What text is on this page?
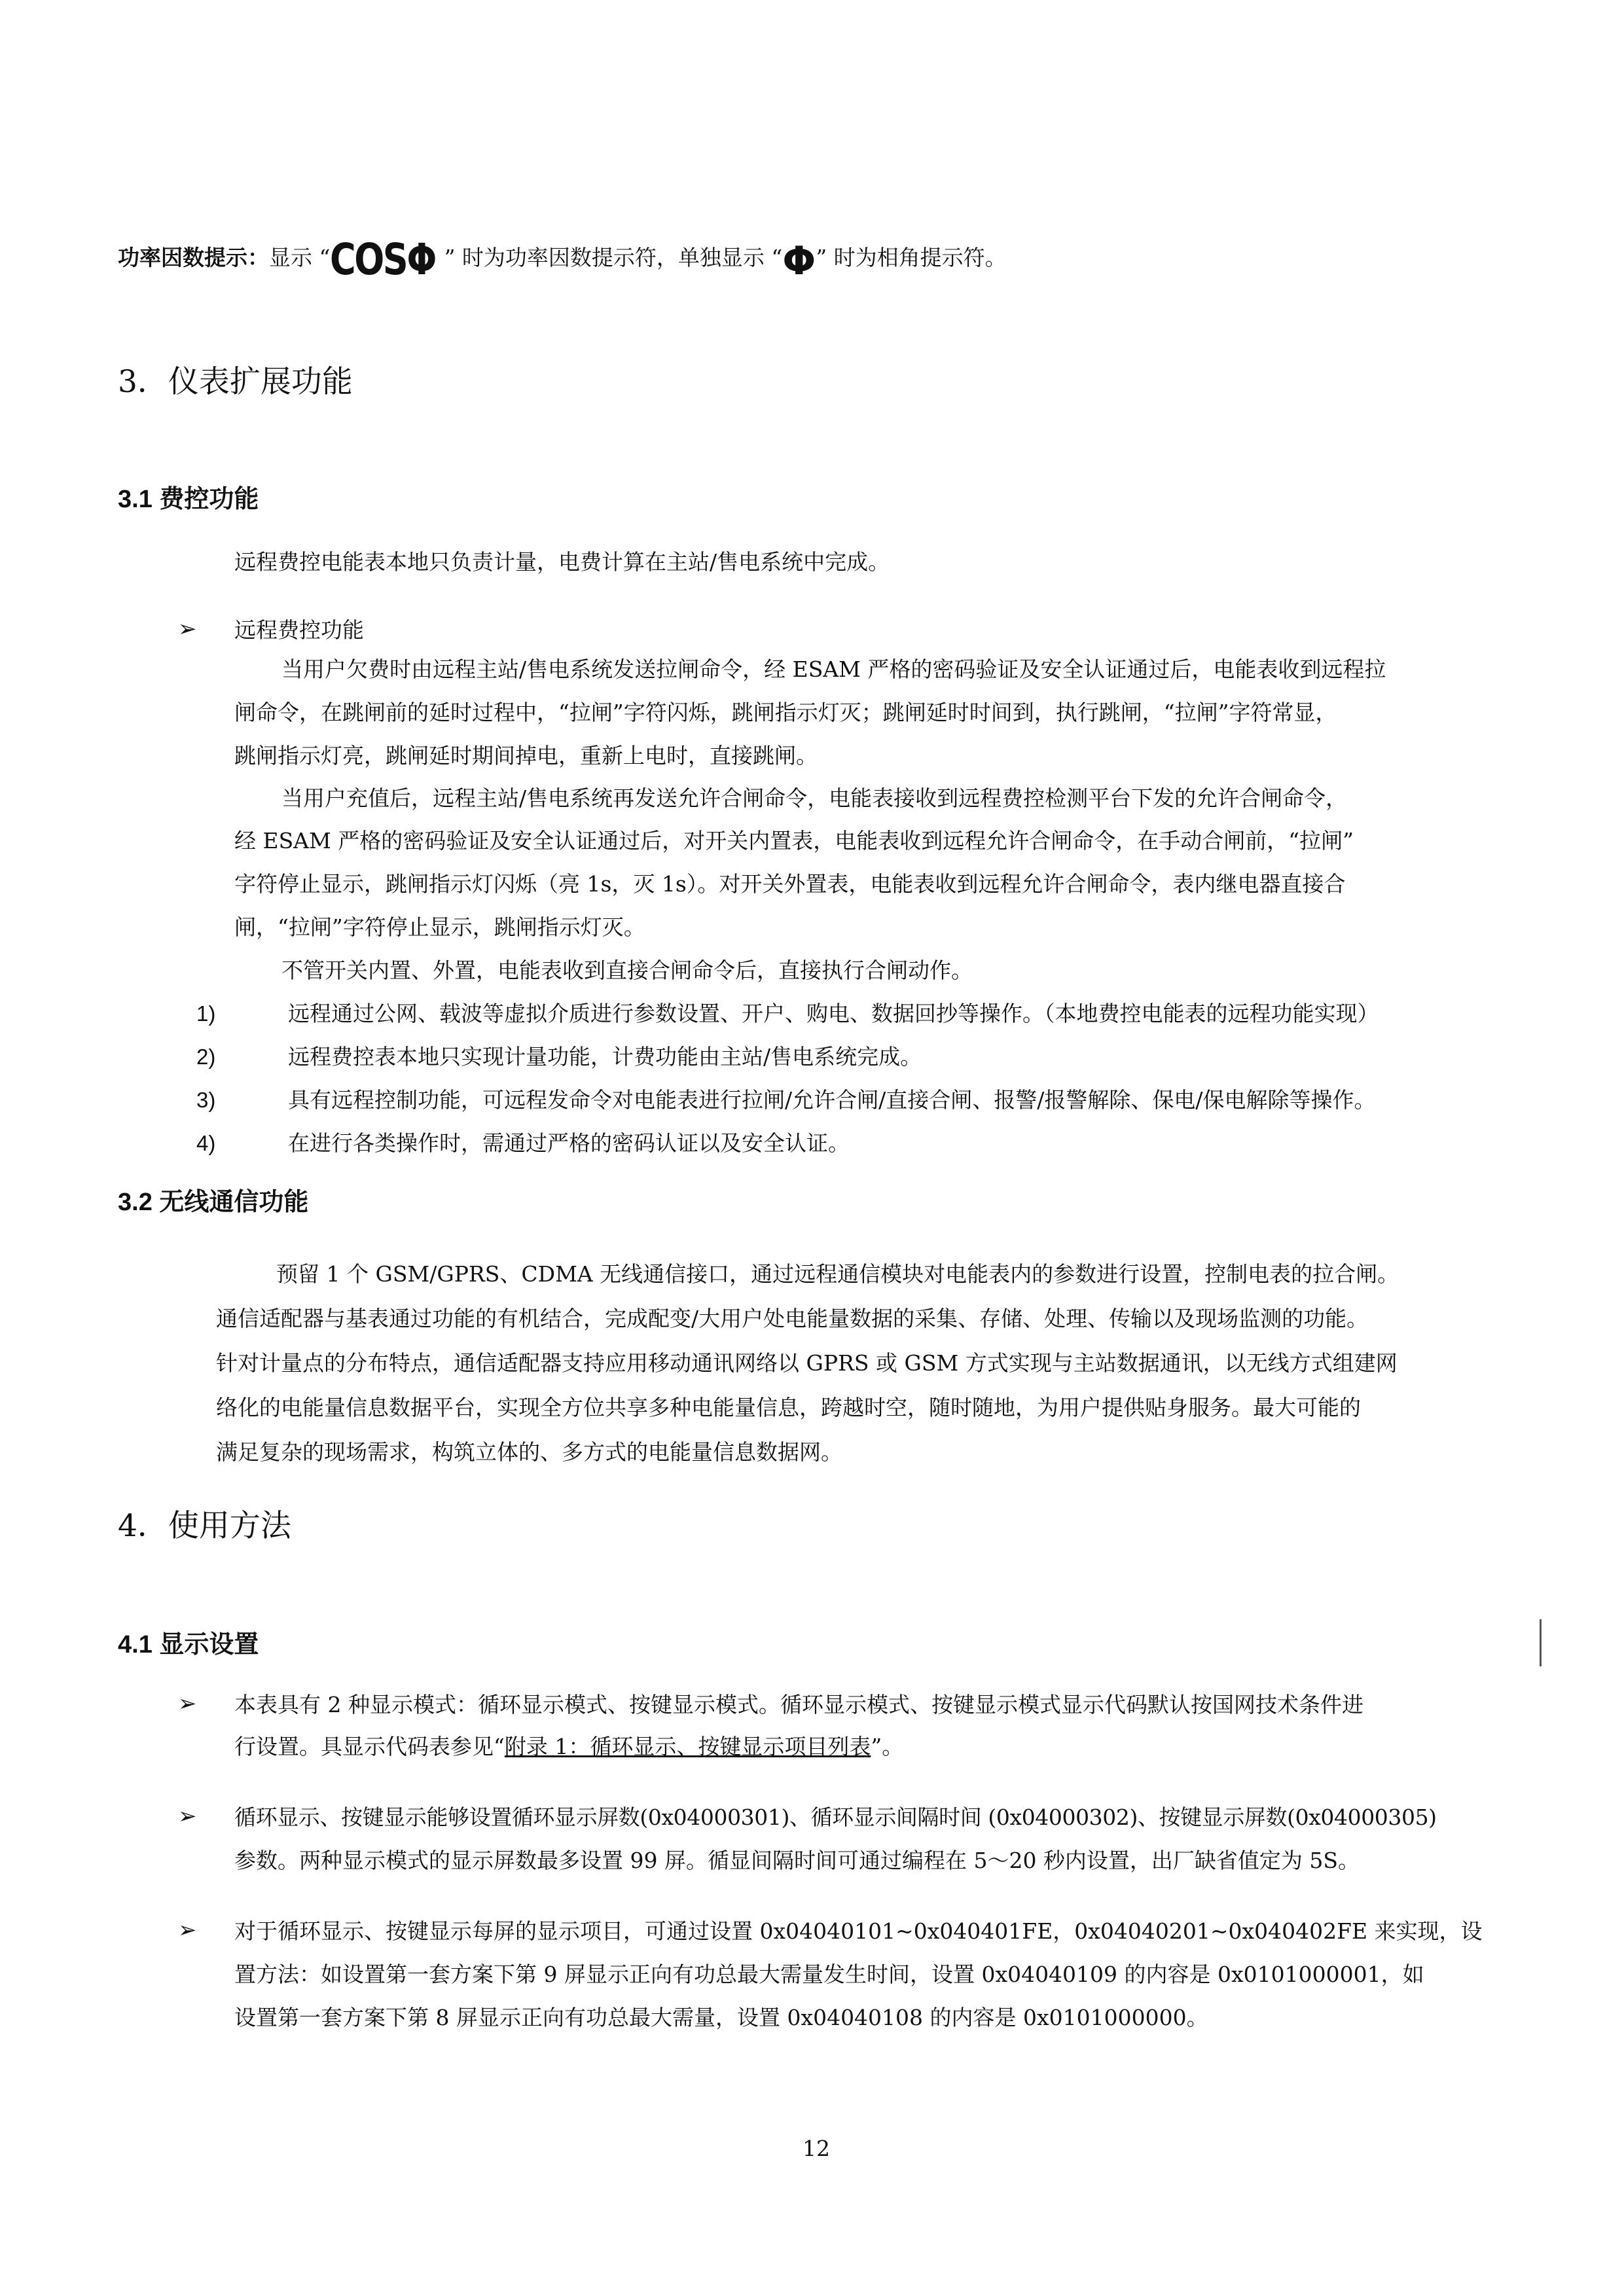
功率因数提示：显示 “COSΦ ” 时为功率因数提示符，单独显示 “Φ” 时为相角提示符。
3．仪表扩展功能
3.1 费控功能
远程费控电能表本地只负责计量，电费计算在主站/售电系统中完成。
➢ 远程费控功能
当用户欠费时由远程主站/售电系统发送拉闸命令，经 ESAM 严格的密码验证及安全认证通过后，电能表收到远程拉
闸命令，在跳闸前的延时过程中，“拉闸”字符闪烁，跳闸指示灯灭；跳闸延时时间到，执行跳闸，“拉闸”字符常显，
跳闸指示灯亮，跳闸延时期间掉电，重新上电时，直接跳闸。
当用户充值后，远程主站/售电系统再发送允许合闸命令，电能表接收到远程费控检测平台下发的允许合闸命令，
经 ESAM 严格的密码验证及安全认证通过后，对开关内置表，电能表收到远程允许合闸命令，在手动合闸前，“拉闸”
字符停止显示，跳闸指示灯闪烁（亮 1s，灭 1s）。对开关外置表，电能表收到远程允许合闸命令，表内继电器直接合
闸，“拉闸”字符停止显示，跳闸指示灯灭。
不管开关内置、外置，电能表收到直接合闸命令后，直接执行合闸动作。
1)	远程通过公网、载波等虚拟介质进行参数设置、开户、购电、数据回抄等操作。（本地费控电能表的远程功能实现）
2)	远程费控表本地只实现计量功能，计费功能由主站/售电系统完成。
3)	具有远程控制功能，可远程发命令对电能表进行拉闸/允许合闸/直接合闸、报警/报警解除、保电/保电解除等操作。
4)	在进行各类操作时，需通过严格的密码认证以及安全认证。
3.2 无线通信功能
预留 1 个 GSM/GPRS、CDMA 无线通信接口，通过远程通信模块对电能表内的参数进行设置，控制电表的拉合闸。
通信适配器与基表通过功能的有机结合，完成配变/大用户处电能量数据的采集、存储、处理、传输以及现场监测的功能。
针对计量点的分布特点，通信适配器支持应用移动通讯网络以 GPRS 或 GSM 方式实现与主站数据通讯，以无线方式组建网
络化的电能量信息数据平台，实现全方位共享多种电能量信息，跨越时空，随时随地，为用户提供贴身服务。最大可能的
满足复杂的现场需求，构筑立体的、多方式的电能量信息数据网。
4．使用方法
4.1 显示设置
➢ 本表具有 2 种显示模式：循环显示模式、按键显示模式。循环显示模式、按键显示模式显示代码默认按国网技术条件进
行设置。具显示代码表参见“附录 1：循环显示、按键显示项目列表”。
➢ 循环显示、按键显示能够设置循环显示屏数(0x04000301)、循环显示间隔时间 (0x04000302)、按键显示屏数(0x04000305)
参数。两种显示模式的显示屏数最多设置 99 屏。循显间隔时间可通过编程在 5～20 秒内设置，出厂缺省值定为 5S。
➢ 对于循环显示、按键显示每屏的显示项目，可通过设置 0x04040101~0x040401FE，0x04040201~0x040402FE 来实现，设
置方法：如设置第一套方案下第 9 屏显示正向有功总最大需量发生时间，设置 0x04040109 的内容是 0x0101000001，如
设置第一套方案下第 8 屏显示正向有功总最大需量，设置 0x04040108 的内容是 0x0101000000。
12
